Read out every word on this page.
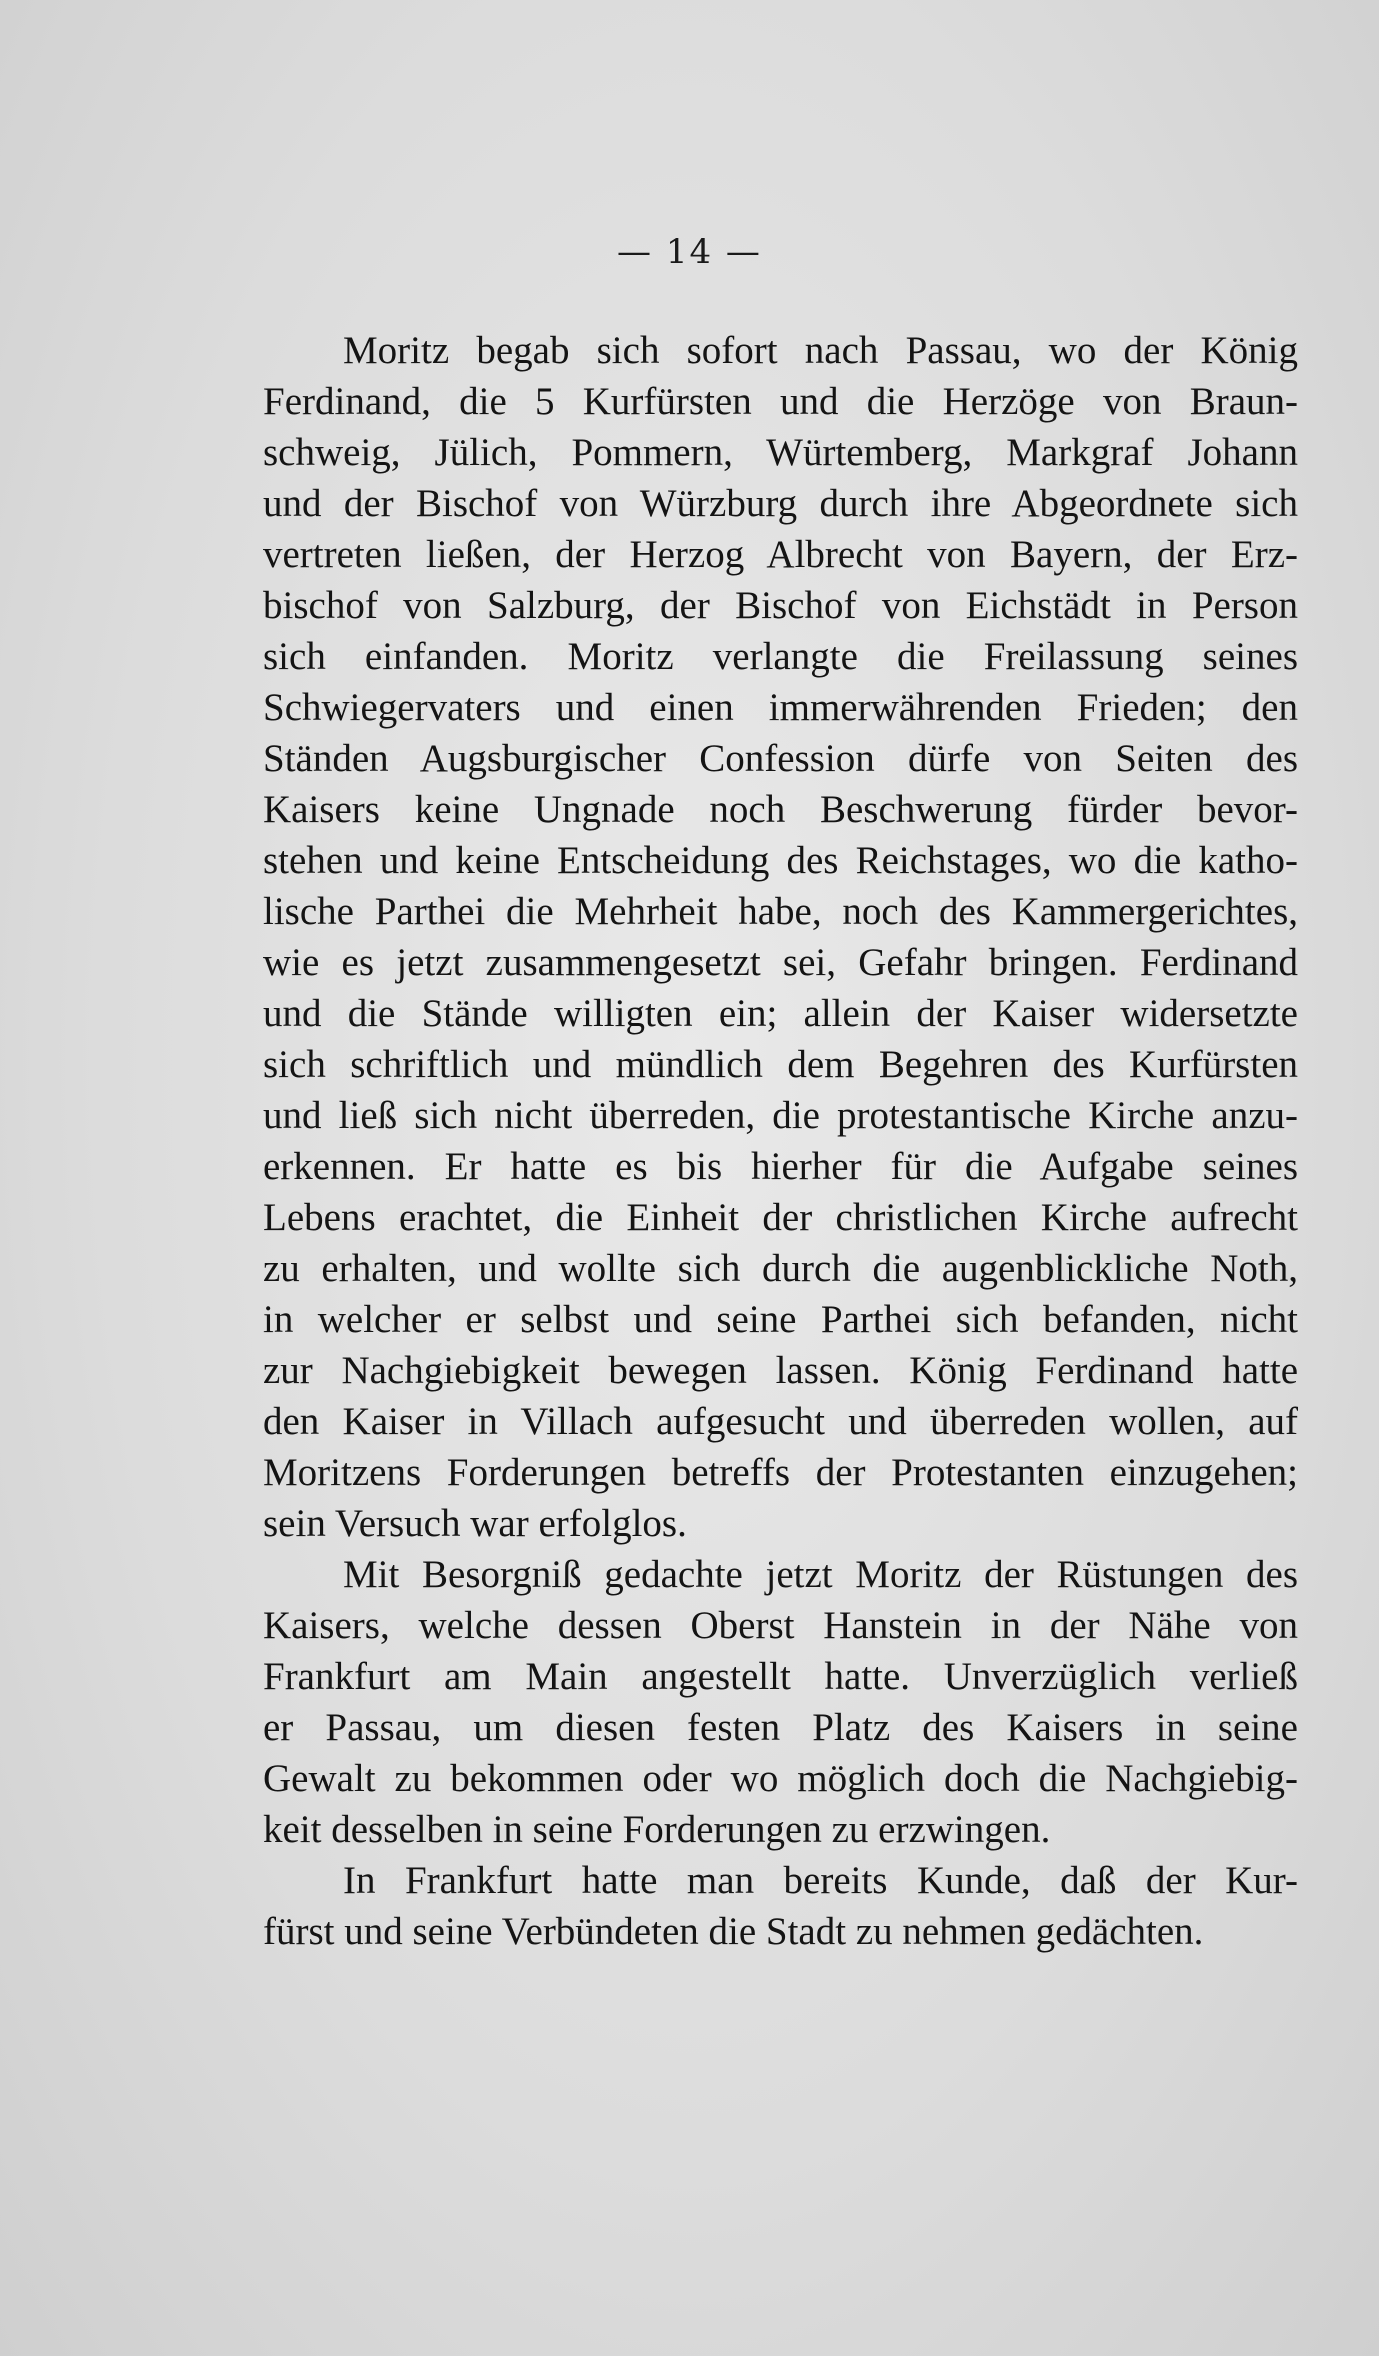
— 14 —
Moritz begab sich sofort nach Passau, wo der König
Ferdinand, die 5 Kurfürsten und die Herzöge von Braun-
schweig, Jülich, Pommern, Würtemberg, Markgraf Johann
und der Bischof von Würzburg durch ihre Abgeordnete sich
vertreten ließen, der Herzog Albrecht von Bayern, der Erz-
bischof von Salzburg, der Bischof von Eichstädt in Person
sich einfanden. Moritz verlangte die Freilassung seines
Schwiegervaters und einen immerwährenden Frieden; den
Ständen Augsburgischer Confession dürfe von Seiten des
Kaisers keine Ungnade noch Beschwerung fürder bevor-
stehen und keine Entscheidung des Reichstages, wo die katho-
lische Parthei die Mehrheit habe, noch des Kammergerichtes,
wie es jetzt zusammengesetzt sei, Gefahr bringen. Ferdinand
und die Stände willigten ein; allein der Kaiser widersetzte
sich schriftlich und mündlich dem Begehren des Kurfürsten
und ließ sich nicht überreden, die protestantische Kirche anzu-
erkennen. Er hatte es bis hierher für die Aufgabe seines
Lebens erachtet, die Einheit der christlichen Kirche aufrecht
zu erhalten, und wollte sich durch die augenblickliche Noth,
in welcher er selbst und seine Parthei sich befanden, nicht
zur Nachgiebigkeit bewegen lassen. König Ferdinand hatte
den Kaiser in Villach aufgesucht und überreden wollen, auf
Moritzens Forderungen betreffs der Protestanten einzugehen;
sein Versuch war erfolglos.
Mit Besorgniß gedachte jetzt Moritz der Rüstungen des
Kaisers, welche dessen Oberst Hanstein in der Nähe von
Frankfurt am Main angestellt hatte. Unverzüglich verließ
er Passau, um diesen festen Platz des Kaisers in seine
Gewalt zu bekommen oder wo möglich doch die Nachgiebig-
keit desselben in seine Forderungen zu erzwingen.
In Frankfurt hatte man bereits Kunde, daß der Kur-
fürst und seine Verbündeten die Stadt zu nehmen gedächten.
